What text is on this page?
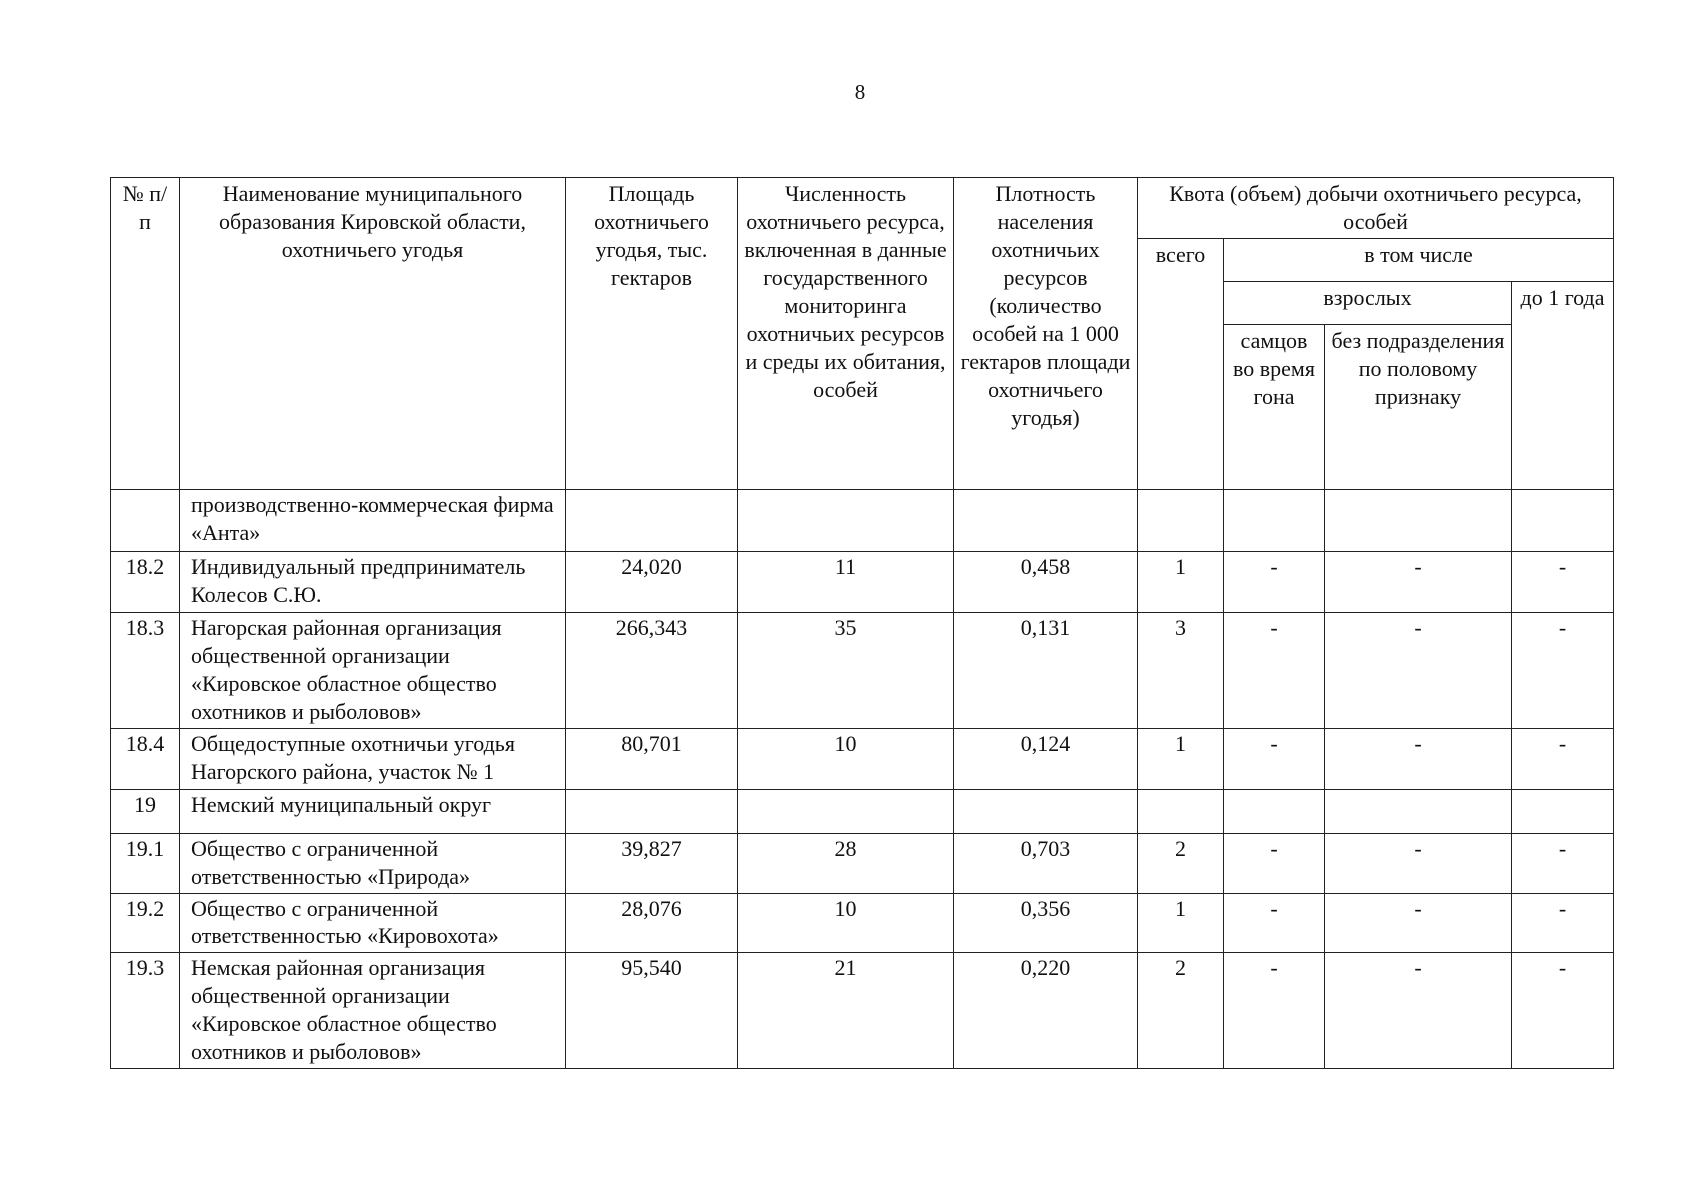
8
№ п/п	Наименование муниципального образования Кировской области, охотничьего угодья	Площадь охотничьего угодья, тыс. гектаров	Численность охотничьего ресурса, включенная в данные государственного мониторинга охотничьих ресурсов и среды их обитания, особей	Плотность населения охотничьих ресурсов (количество особей на 1 000 гектаров площади охотничьего угодья)	Квота (объем) добычи охотничьего ресурса, особей			
					всего	в том числе		
						взрослых		до 1 года
						самцов во время гона	без подразделения по половому признаку	
	производственно-коммерческая фирма «Анта»							
18.2	Индивидуальный предприниматель Колесов С.Ю.	24,020	11	0,458	1	-	-	-
18.3	Нагорская районная организация общественной организации «Кировское областное общество охотников и рыболовов»	266,343	35	0,131	3	-	-	-
18.4	Общедоступные охотничьи угодья Нагорского района, участок № 1	80,701	10	0,124	1	-	-	-
19	Немский муниципальный округ							
19.1	Общество с ограниченной ответственностью «Природа»	39,827	28	0,703	2	-	-	-
19.2	Общество с ограниченной ответственностью «Кировохота»	28,076	10	0,356	1	-	-	-
19.3	Немская районная организация общественной организации «Кировское областное общество охотников и рыболовов»	95,540	21	0,220	2	-	-	-
